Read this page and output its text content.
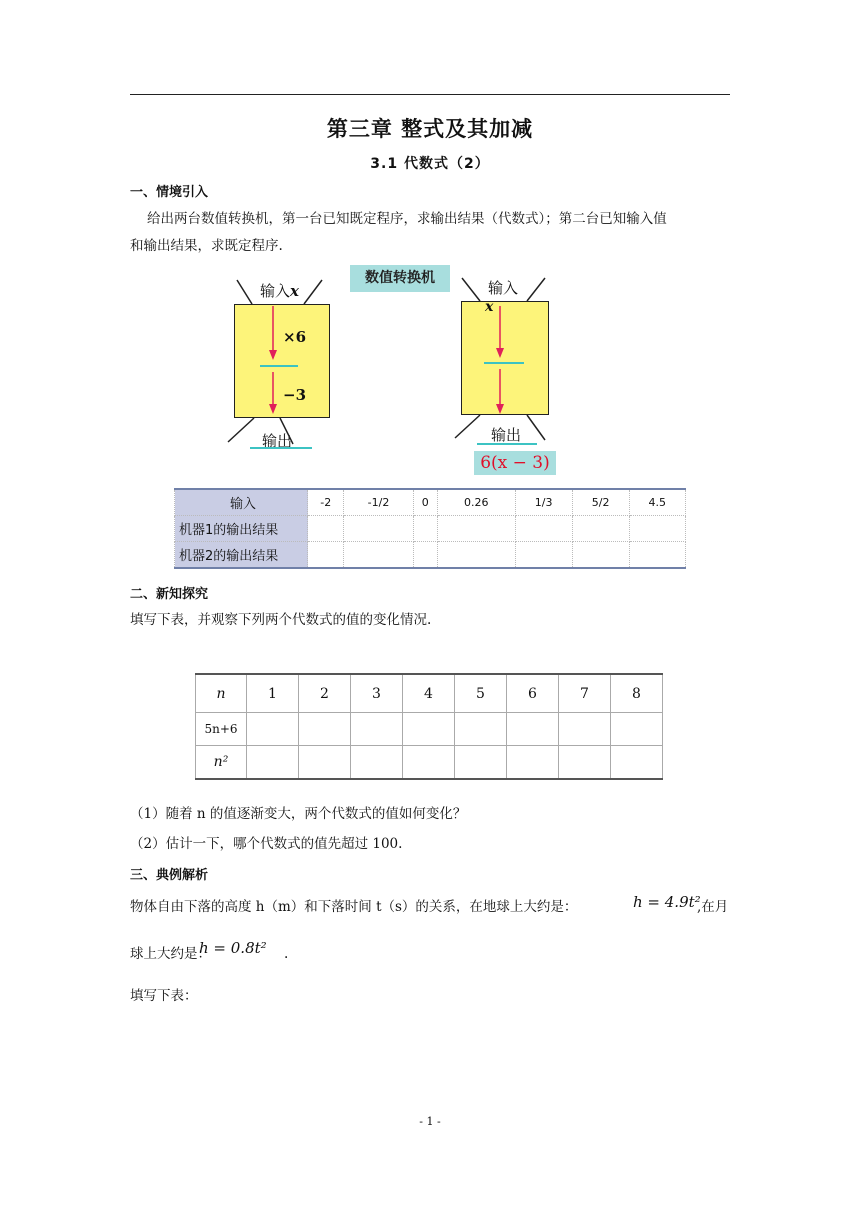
第三章 整式及其加减
3.1 代数式（2）
一、情境引入
给出两台数值转换机，第一台已知既定程序，求输出结果（代数式）；第二台已知输入值
和输出结果，求既定程序.
数值转换机
输入x
×6
−3
输出
输入
x
输出
6(x − 3)
输入	-2	-1/2	0	0.26	1/3	5/2	4.5
机器1的输出结果							
机器2的输出结果							
二、新知探究
填写下表，并观察下列两个代数式的值的变化情况.
n	1	2	3	4	5	6	7	8
5n+6								
n²								
（1）随着 n 的值逐渐变大，两个代数式的值如何变化？
（2）估计一下，哪个代数式的值先超过 100.
三、典例解析
物体自由下落的高度 h（m）和下落时间 t（s）的关系，在地球上大约是：	h = 4.9t²
,在月
球上大约是：
h = 0.8t² .
填写下表：
- 1 -
